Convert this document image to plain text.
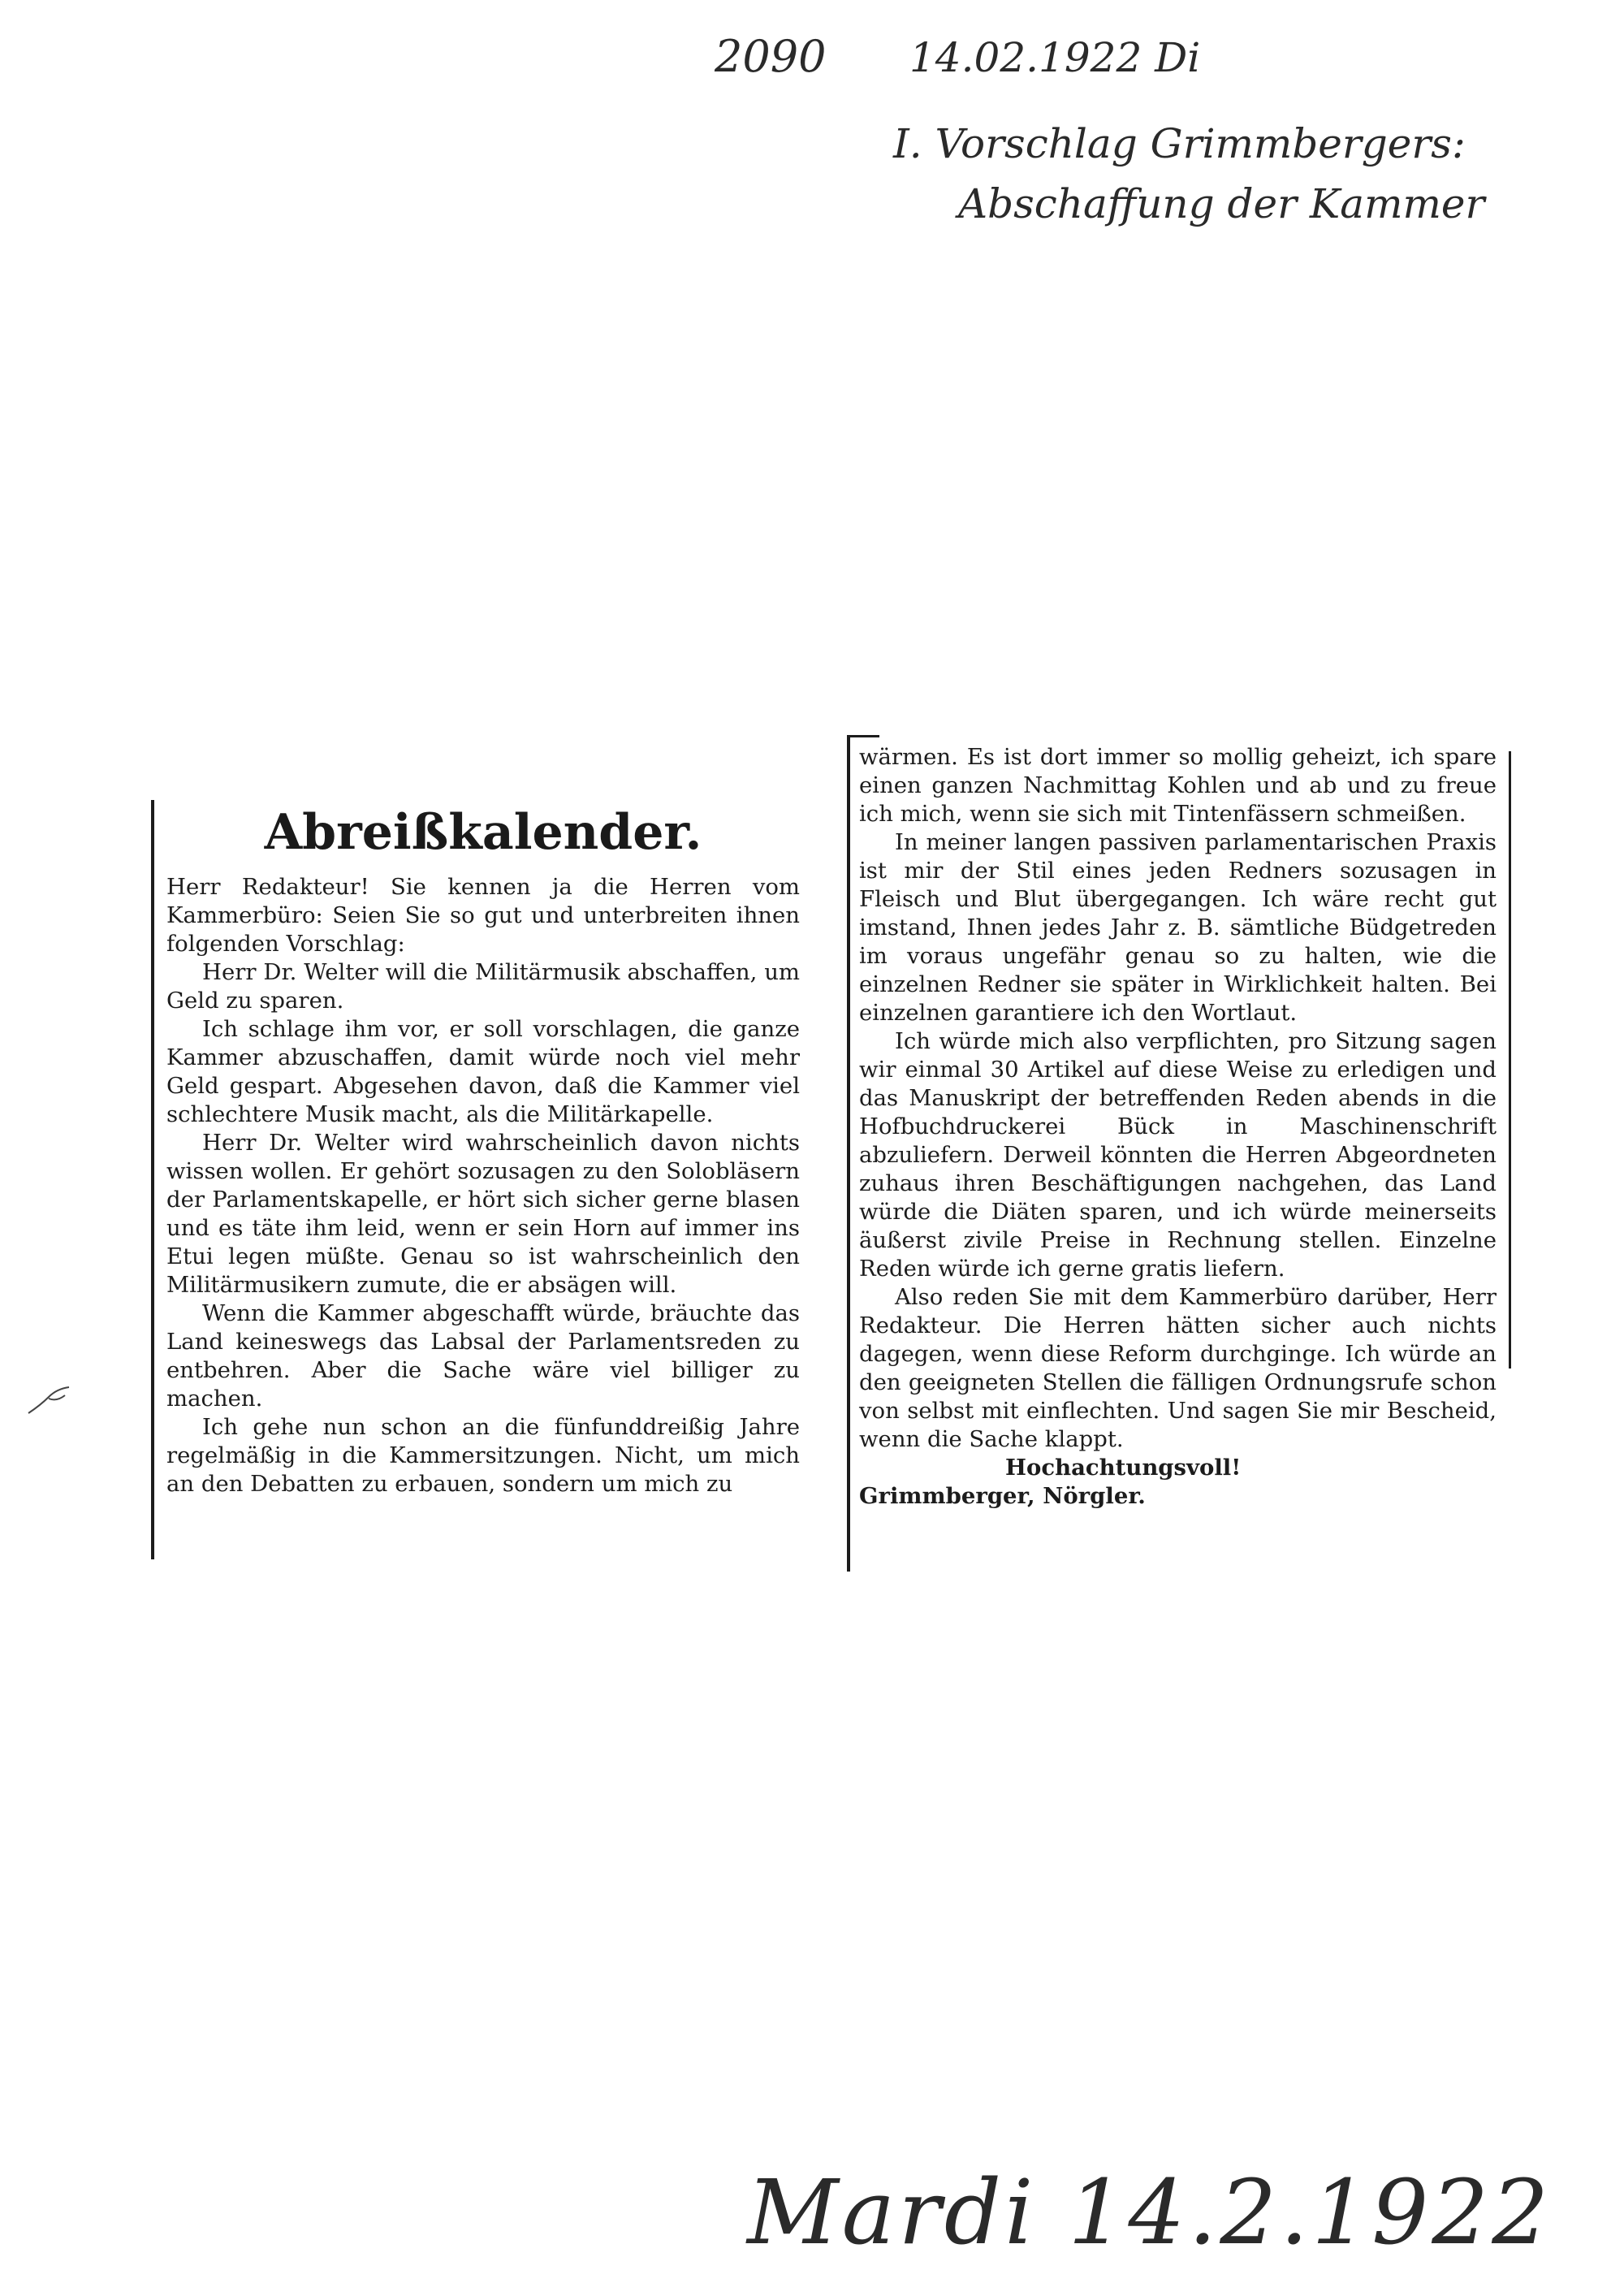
2090 14.02.1922 Di
I. Vorschlag Grimmbergers:
Abschaffung der Kammer
Abreißkalender.

Herr Redakteur! Sie kennen ja die Herren vom Kammerbüro: Seien Sie so gut und unterbreiten ihnen folgenden Vorschlag:

Herr Dr. Welter will die Militärmusik abschaffen, um Geld zu sparen.

Ich schlage ihm vor, er soll vorschlagen, die ganze Kammer abzuschaffen, damit würde noch viel mehr Geld gespart. Abgesehen davon, daß die Kammer viel schlechtere Musik macht, als die Militärkapelle.

Herr Dr. Welter wird wahrscheinlich davon nichts wissen wollen. Er gehört sozusagen zu den Solobläsern der Parlamentskapelle, er hört sich sicher gerne blasen und es täte ihm leid, wenn er sein Horn auf immer ins Etui legen müßte. Genau so ist wahrscheinlich den Militärmusikern zumute, die er absägen will.

Wenn die Kammer abgeschafft würde, bräuchte das Land keineswegs das Labsal der Parlamentsreden zu entbehren. Aber die Sache wäre viel billiger zu machen.

Ich gehe nun schon an die fünfunddreißig Jahre regelmäßig in die Kammersitzungen. Nicht, um mich an den Debatten zu erbauen, sondern um mich zu

wärmen. Es ist dort immer so mollig geheizt, ich spare einen ganzen Nachmittag Kohlen und ab und zu freue ich mich, wenn sie sich mit Tintenfässern schmeißen.

In meiner langen passiven parlamentarischen Praxis ist mir der Stil eines jeden Redners sozusagen in Fleisch und Blut übergegangen. Ich wäre recht gut imstand, Ihnen jedes Jahr z. B. sämtliche Büdgetreden im voraus ungefähr genau so zu halten, wie die einzelnen Redner sie später in Wirklichkeit halten. Bei einzelnen garantiere ich den Wortlaut.

Ich würde mich also verpflichten, pro Sitzung sagen wir einmal 30 Artikel auf diese Weise zu erledigen und das Manuskript der betreffenden Reden abends in die Hofbuchdruckerei Bück in Maschinenschrift abzuliefern. Derweil könnten die Herren Abgeordneten zuhaus ihren Beschäftigungen nachgehen, das Land würde die Diäten sparen, und ich würde meinerseits äußerst zivile Preise in Rechnung stellen. Einzelne Reden würde ich gerne gratis liefern.

Also reden Sie mit dem Kammerbüro darüber, Herr Redakteur. Die Herren hätten sicher auch nichts dagegen, wenn diese Reform durchginge. Ich würde an den geeigneten Stellen die fälligen Ordnungsrufe schon von selbst mit einflechten. Und sagen Sie mir Bescheid, wenn die Sache klappt.

Hochachtungsvoll!

Grimmberger, Nörgler.

Mardi 14.2.1922
